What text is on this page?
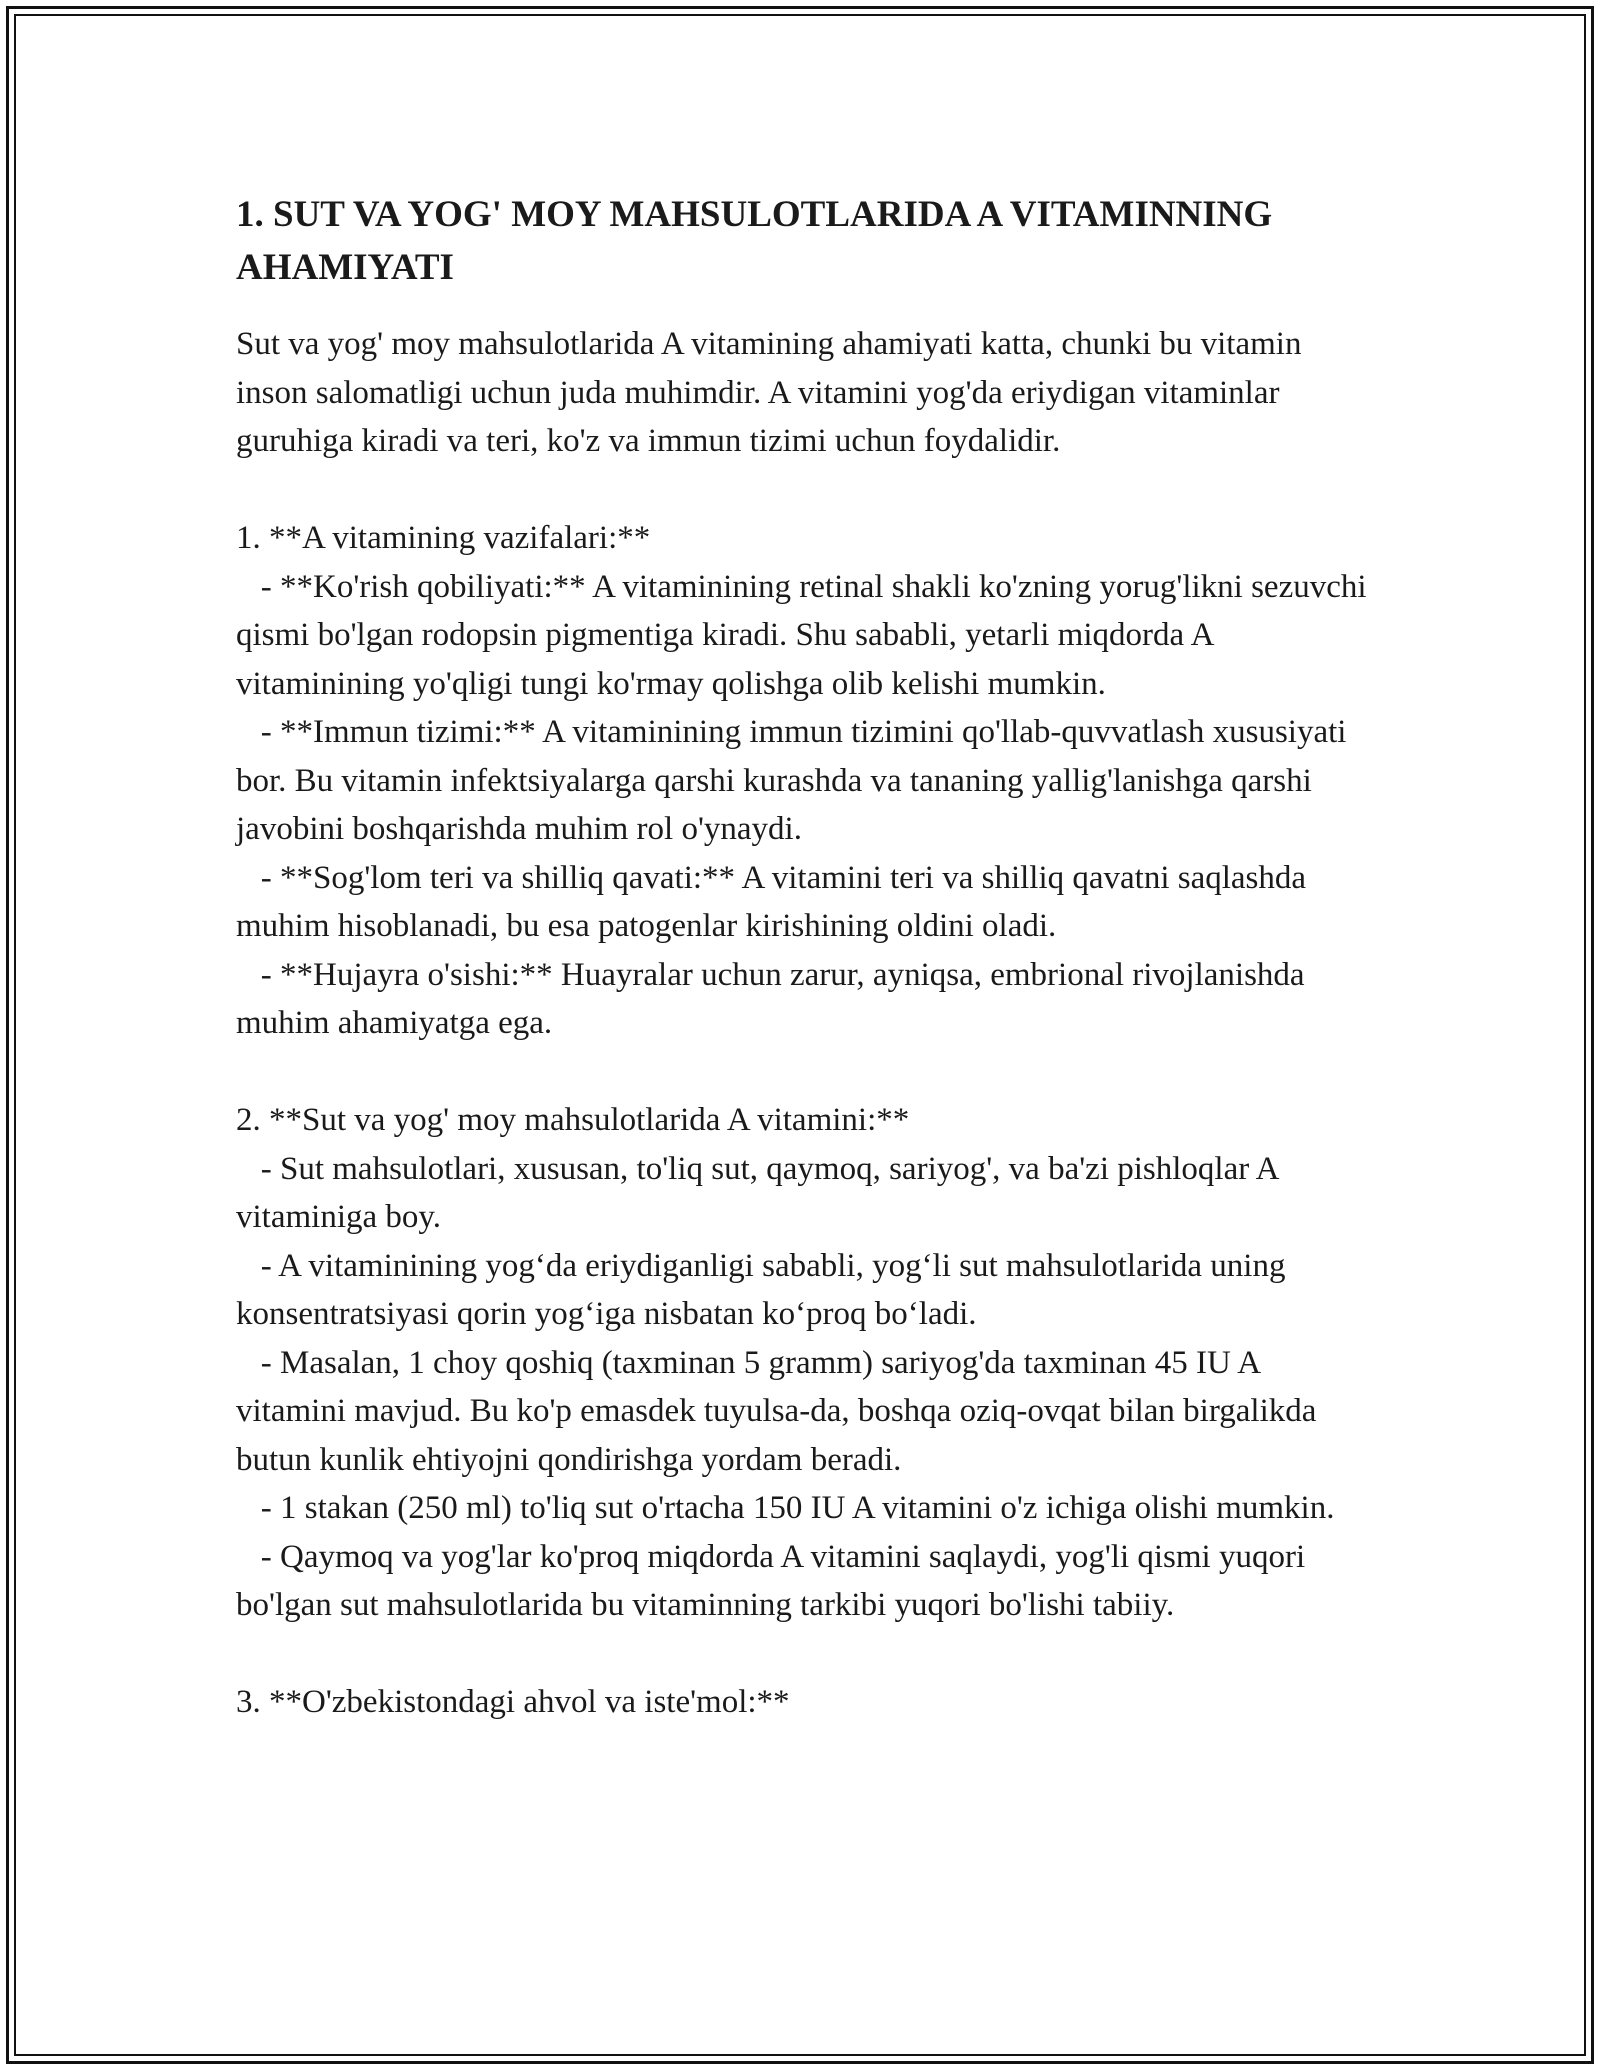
1. SUT VA YOG' MOY MAHSULOTLARIDA A VITAMINNING AHAMIYATI

Sut va yog' moy mahsulotlarida A vitamining ahamiyati katta, chunki bu vitamin inson salomatligi uchun juda muhimdir. A vitamini yog'da eriydigan vitaminlar guruhiga kiradi va teri, ko'z va immun tizimi uchun foydalidir.

1. **A vitamining vazifalari:**

- **Ko'rish qobiliyati:** A vitaminining retinal shakli ko'zning yorug'likni sezuvchi qismi bo'lgan rodopsin pigmentiga kiradi. Shu sababli, yetarli miqdorda A vitaminining yo'qligi tungi ko'rmay qolishga olib kelishi mumkin.

- **Immun tizimi:** A vitaminining immun tizimini qo'llab-quvvatlash xususiyati bor. Bu vitamin infektsiyalarga qarshi kurashda va tananing yallig'lanishga qarshi javobini boshqarishda muhim rol o'ynaydi.

- **Sog'lom teri va shilliq qavati:** A vitamini teri va shilliq qavatni saqlashda muhim hisoblanadi, bu esa patogenlar kirishining oldini oladi.

- **Hujayra o'sishi:** Huayralar uchun zarur, ayniqsa, embrional rivojlanishda muhim ahamiyatga ega.

2. **Sut va yog' moy mahsulotlarida A vitamini:**

- Sut mahsulotlari, xususan, to'liq sut, qaymoq, sariyog', va ba'zi pishloqlar A vitaminiga boy.

- A vitaminining yog‘da eriydiganligi sababli, yog‘li sut mahsulotlarida uning konsentratsiyasi qorin yog‘iga nisbatan ko‘proq bo‘ladi.

- Masalan, 1 choy qoshiq (taxminan 5 gramm) sariyog'da taxminan 45 IU A vitamini mavjud. Bu ko'p emasdek tuyulsa-da, boshqa oziq-ovqat bilan birgalikda butun kunlik ehtiyojni qondirishga yordam beradi.

- 1 stakan (250 ml) to'liq sut o'rtacha 150 IU A vitamini o'z ichiga olishi mumkin.

- Qaymoq va yog'lar ko'proq miqdorda A vitamini saqlaydi, yog'li qismi yuqori bo'lgan sut mahsulotlarida bu vitaminning tarkibi yuqori bo'lishi tabiiy.

3. **O'zbekistondagi ahvol va iste'mol:**
